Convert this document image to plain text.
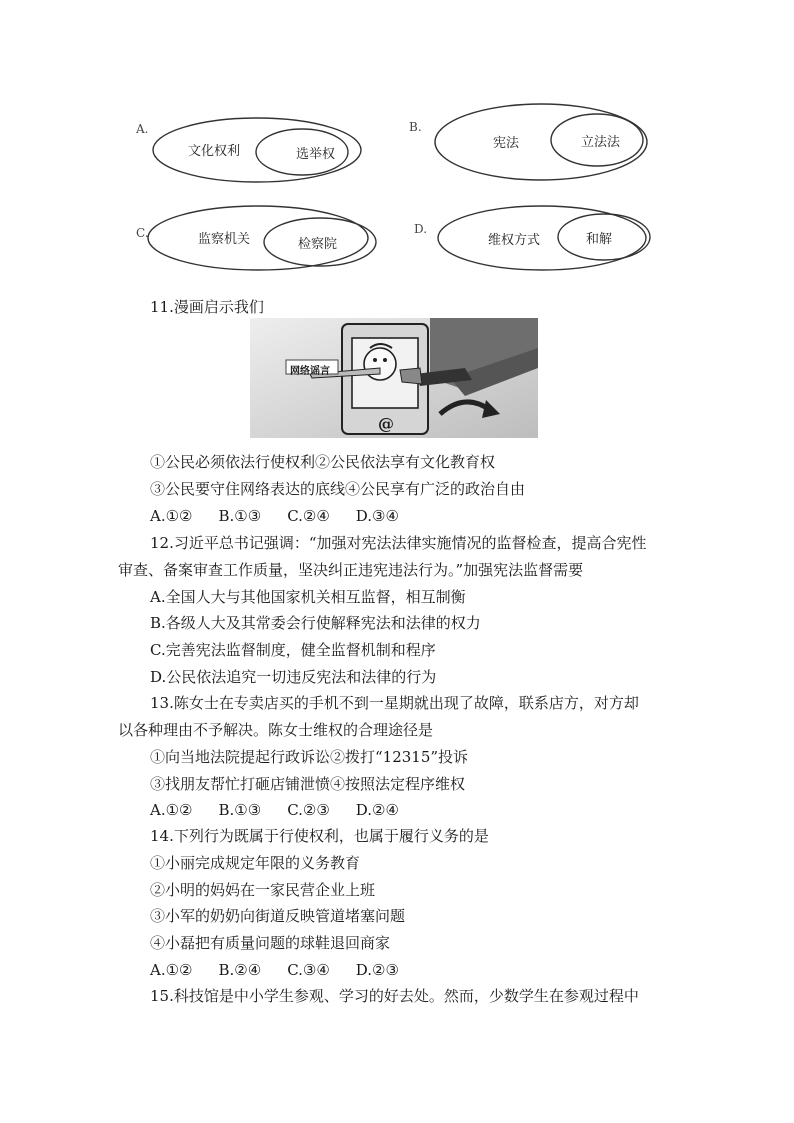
A.
文化权利	选举权
B.
宪法	立法法
C.	监察机关	检察院
D.
维权方式	和解
11.漫画启示我们
网络谣言
@
①公民必须依法行使权利②公民依法享有文化教育权
③公民要守住网络表达的底线④公民享有广泛的政治自由
A.①② B.①③ C.②④ D.③④
12.习近平总书记强调：“加强对宪法法律实施情况的监督检查，提高合宪性
审查、备案审查工作质量，坚决纠正违宪违法行为。”加强宪法监督需要
A.全国人大与其他国家机关相互监督，相互制衡
B.各级人大及其常委会行使解释宪法和法律的权力
C.完善宪法监督制度，健全监督机制和程序
D.公民依法追究一切违反宪法和法律的行为
13.陈女士在专卖店买的手机不到一星期就出现了故障，联系店方，对方却
以各种理由不予解决。陈女士维权的合理途径是
①向当地法院提起行政诉讼②拨打“12315”投诉
③找朋友帮忙打砸店铺泄愤④按照法定程序维权
A.①② B.①③ C.②③ D.②④
14.下列行为既属于行使权利，也属于履行义务的是
①小丽完成规定年限的义务教育
②小明的妈妈在一家民营企业上班
③小军的奶奶向街道反映管道堵塞问题
④小磊把有质量问题的球鞋退回商家
A.①② B.②④ C.③④ D.②③
15.科技馆是中小学生参观、学习的好去处。然而，少数学生在参观过程中
